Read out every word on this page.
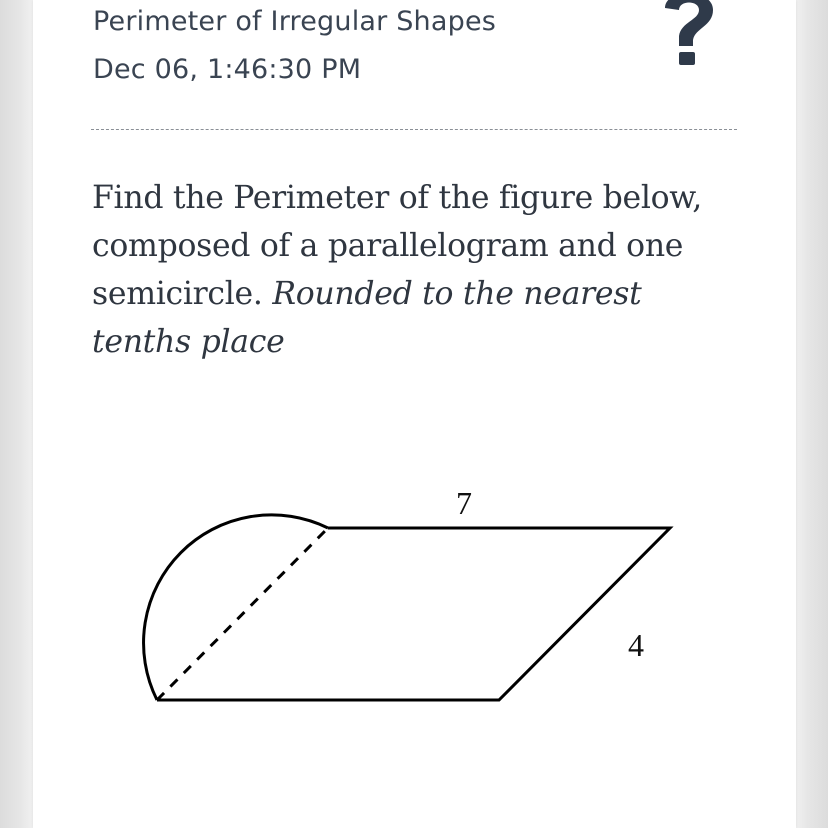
Perimeter of Irregular Shapes
Dec 06, 1:46:30 PM
Find the Perimeter of the figure below, composed of a parallelogram and one semicircle. Rounded to the nearest tenths place
7
4
